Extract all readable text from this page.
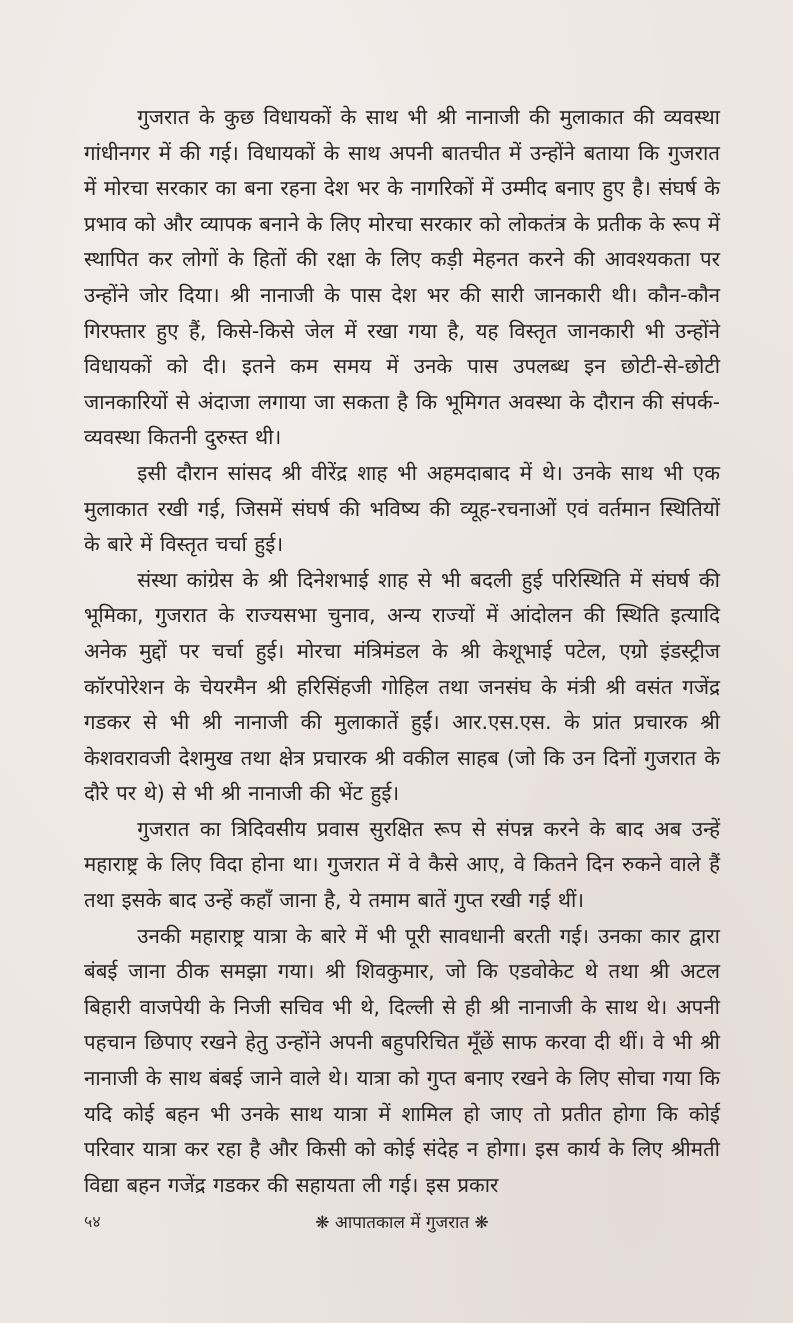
गुजरात के कुछ विधायकों के साथ भी श्री नानाजी की मुलाकात की व्यवस्था गांधीनगर में की गई। विधायकों के साथ अपनी बातचीत में उन्होंने बताया कि गुजरात में मोरचा सरकार का बना रहना देश भर के नागरिकों में उम्मीद बनाए हुए है। संघर्ष के प्रभाव को और व्यापक बनाने के लिए मोरचा सरकार को लोकतंत्र के प्रतीक के रूप में स्थापित कर लोगों के हितों की रक्षा के लिए कड़ी मेहनत करने की आवश्यकता पर उन्होंने जोर दिया। श्री नानाजी के पास देश भर की सारी जानकारी थी। कौन-कौन गिरफ्तार हुए हैं, किसे-किसे जेल में रखा गया है, यह विस्तृत जानकारी भी उन्होंने विधायकों को दी। इतने कम समय में उनके पास उपलब्ध इन छोटी-से-छोटी जानकारियों से अंदाजा लगाया जा सकता है कि भूमिगत अवस्था के दौरान की संपर्क-व्यवस्था कितनी दुरुस्त थी।

इसी दौरान सांसद श्री वीरेंद्र शाह भी अहमदाबाद में थे। उनके साथ भी एक मुलाकात रखी गई, जिसमें संघर्ष की भविष्य की व्यूह-रचनाओं एवं वर्तमान स्थितियों के बारे में विस्तृत चर्चा हुई।

संस्था कांग्रेस के श्री दिनेशभाई शाह से भी बदली हुई परिस्थिति में संघर्ष की भूमिका, गुजरात के राज्यसभा चुनाव, अन्य राज्यों में आंदोलन की स्थिति इत्यादि अनेक मुद्दों पर चर्चा हुई। मोरचा मंत्रिमंडल के श्री केशूभाई पटेल, एग्रो इंडस्ट्रीज कॉरपोरेशन के चेयरमैन श्री हरिसिंहजी गोहिल तथा जनसंघ के मंत्री श्री वसंत गजेंद्र गडकर से भी श्री नानाजी की मुलाकातें हुईं। आर.एस.एस. के प्रांत प्रचारक श्री केशवरावजी देशमुख तथा क्षेत्र प्रचारक श्री वकील साहब (जो कि उन दिनों गुजरात के दौरे पर थे) से भी श्री नानाजी की भेंट हुई।

गुजरात का त्रिदिवसीय प्रवास सुरक्षित रूप से संपन्न करने के बाद अब उन्हें महाराष्ट्र के लिए विदा होना था। गुजरात में वे कैसे आए, वे कितने दिन रुकने वाले हैं तथा इसके बाद उन्हें कहाँ जाना है, ये तमाम बातें गुप्त रखी गई थीं।

उनकी महाराष्ट्र यात्रा के बारे में भी पूरी सावधानी बरती गई। उनका कार द्वारा बंबई जाना ठीक समझा गया। श्री शिवकुमार, जो कि एडवोकेट थे तथा श्री अटल बिहारी वाजपेयी के निजी सचिव भी थे, दिल्ली से ही श्री नानाजी के साथ थे। अपनी पहचान छिपाए रखने हेतु उन्होंने अपनी बहुपरिचित मूँछें साफ करवा दी थीं। वे भी श्री नानाजी के साथ बंबई जाने वाले थे। यात्रा को गुप्त बनाए रखने के लिए सोचा गया कि यदि कोई बहन भी उनके साथ यात्रा में शामिल हो जाए तो प्रतीत होगा कि कोई परिवार यात्रा कर रहा है और किसी को कोई संदेह न होगा। इस कार्य के लिए श्रीमती विद्या बहन गजेंद्र गडकर की सहायता ली गई। इस प्रकार

५४	❋ आपातकाल में गुजरात ❋
